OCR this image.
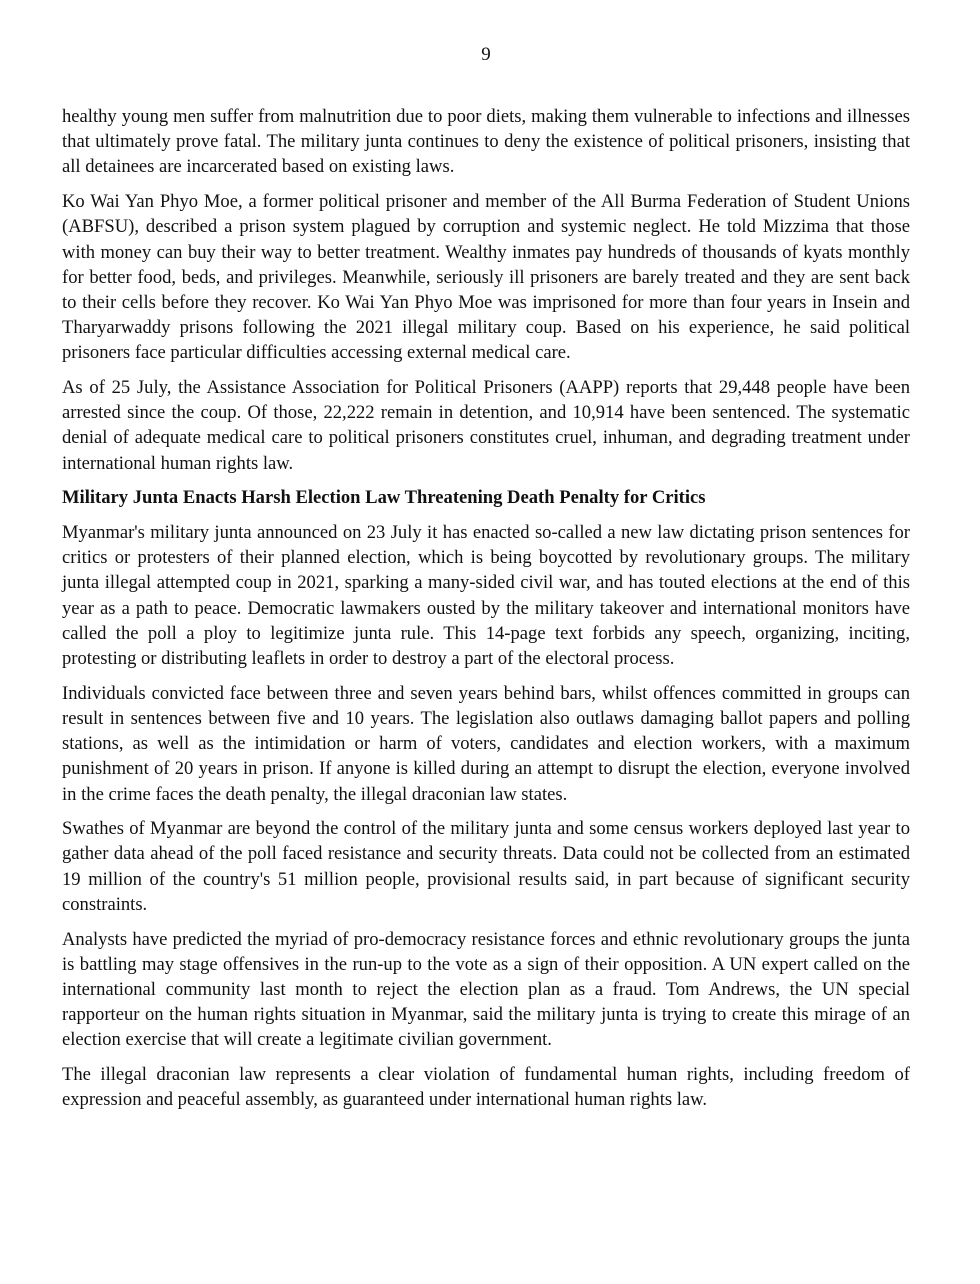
9

healthy young men suffer from malnutrition due to poor diets, making them vulnerable to infections and illnesses that ultimately prove fatal. The military junta continues to deny the existence of political prisoners, insisting that all detainees are incarcerated based on existing laws.

Ko Wai Yan Phyo Moe, a former political prisoner and member of the All Burma Federation of Student Unions (ABFSU), described a prison system plagued by corruption and systemic neglect. He told Mizzima that those with money can buy their way to better treatment. Wealthy inmates pay hundreds of thousands of kyats monthly for better food, beds, and privileges. Meanwhile, seriously ill prisoners are barely treated and they are sent back to their cells before they recover. Ko Wai Yan Phyo Moe was imprisoned for more than four years in Insein and Tharyarwaddy prisons following the 2021 illegal military coup. Based on his experience, he said political prisoners face particular difficulties accessing external medical care.

As of 25 July, the Assistance Association for Political Prisoners (AAPP) reports that 29,448 people have been arrested since the coup. Of those, 22,222 remain in detention, and 10,914 have been sentenced. The systematic denial of adequate medical care to political prisoners constitutes cruel, inhuman, and degrading treatment under international human rights law.

Military Junta Enacts Harsh Election Law Threatening Death Penalty for Critics

Myanmar's military junta announced on 23 July it has enacted so-called a new law dictating prison sentences for critics or protesters of their planned election, which is being boycotted by revolutionary groups. The military junta illegal attempted coup in 2021, sparking a many-sided civil war, and has touted elections at the end of this year as a path to peace. Democratic lawmakers ousted by the military takeover and international monitors have called the poll a ploy to legitimize junta rule. This 14-page text forbids any speech, organizing, inciting, protesting or distributing leaflets in order to destroy a part of the electoral process.

Individuals convicted face between three and seven years behind bars, whilst offences committed in groups can result in sentences between five and 10 years. The legislation also outlaws damaging ballot papers and polling stations, as well as the intimidation or harm of voters, candidates and election workers, with a maximum punishment of 20 years in prison. If anyone is killed during an attempt to disrupt the election, everyone involved in the crime faces the death penalty, the illegal draconian law states.

Swathes of Myanmar are beyond the control of the military junta and some census workers deployed last year to gather data ahead of the poll faced resistance and security threats. Data could not be collected from an estimated 19 million of the country's 51 million people, provisional results said, in part because of significant security constraints.

Analysts have predicted the myriad of pro-democracy resistance forces and ethnic revolutionary groups the junta is battling may stage offensives in the run-up to the vote as a sign of their opposition. A UN expert called on the international community last month to reject the election plan as a fraud. Tom Andrews, the UN special rapporteur on the human rights situation in Myanmar, said the military junta is trying to create this mirage of an election exercise that will create a legitimate civilian government.

The illegal draconian law represents a clear violation of fundamental human rights, including freedom of expression and peaceful assembly, as guaranteed under international human rights law.
